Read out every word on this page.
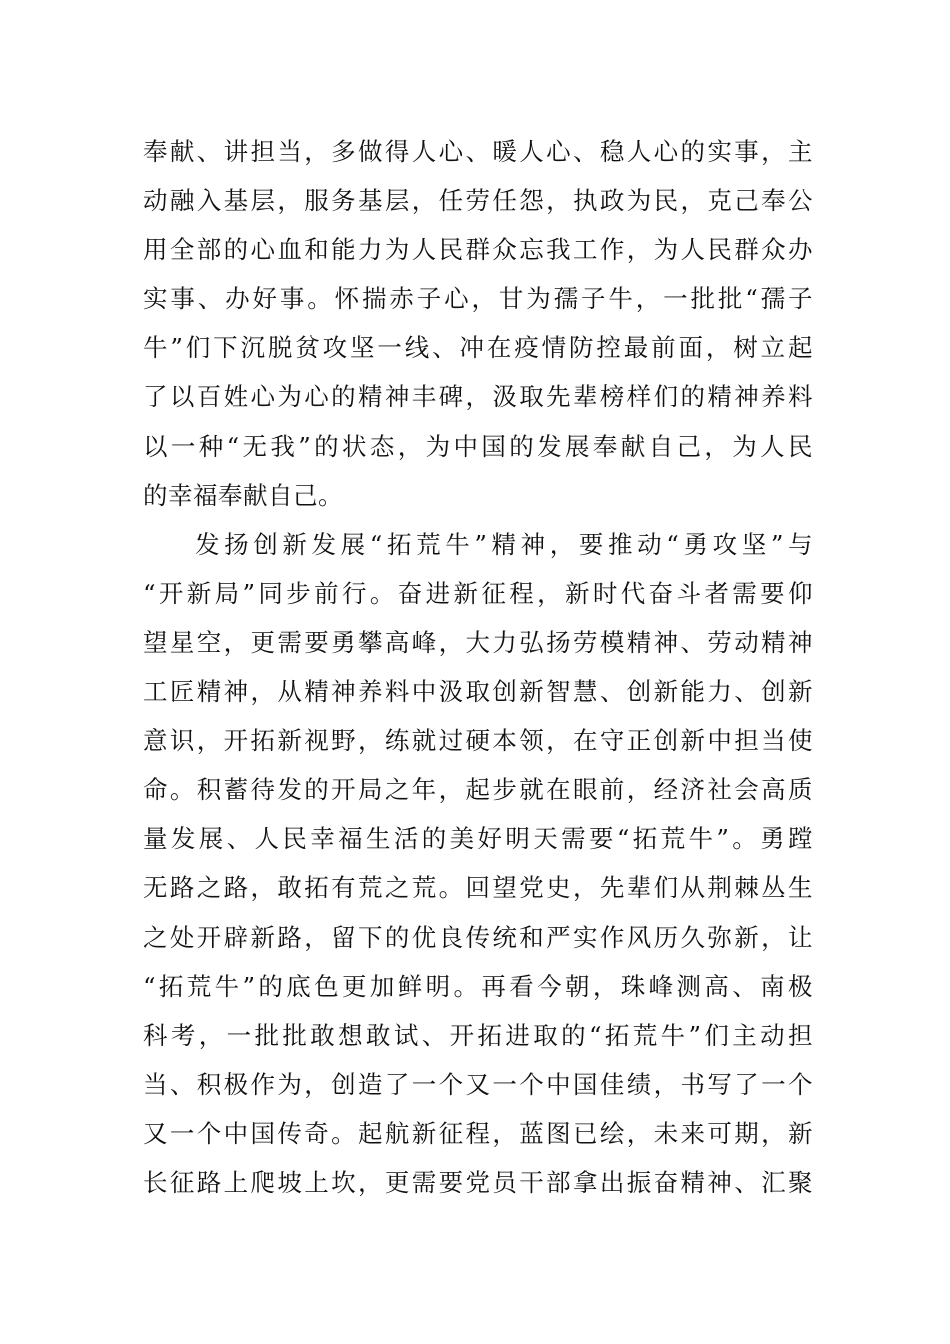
奉献、讲担当，多做得人心、暖人心、稳人心的实事，主
动融入基层，服务基层，任劳任怨，执政为民，克己奉公
用全部的心血和能力为人民群众忘我工作，为人民群众办
实事、办好事。怀揣赤子心，甘为孺子牛，一批批“孺子
牛”们下沉脱贫攻坚一线、冲在疫情防控最前面，树立起
了以百姓心为心的精神丰碑，汲取先辈榜样们的精神养料
以一种“无我”的状态，为中国的发展奉献自己，为人民
的幸福奉献自己。
发扬创新发展“拓荒牛”精神，要推动“勇攻坚”与
“开新局”同步前行。奋进新征程，新时代奋斗者需要仰
望星空，更需要勇攀高峰，大力弘扬劳模精神、劳动精神
工匠精神，从精神养料中汲取创新智慧、创新能力、创新
意识，开拓新视野，练就过硬本领，在守正创新中担当使
命。积蓄待发的开局之年，起步就在眼前，经济社会高质
量发展、人民幸福生活的美好明天需要“拓荒牛”。勇蹚
无路之路，敢拓有荒之荒。回望党史，先辈们从荆棘丛生
之处开辟新路，留下的优良传统和严实作风历久弥新，让
“拓荒牛”的底色更加鲜明。再看今朝，珠峰测高、南极
科考，一批批敢想敢试、开拓进取的“拓荒牛”们主动担
当、积极作为，创造了一个又一个中国佳绩，书写了一个
又一个中国传奇。起航新征程，蓝图已绘，未来可期，新
长征路上爬坡上坎，更需要党员干部拿出振奋精神、汇聚
